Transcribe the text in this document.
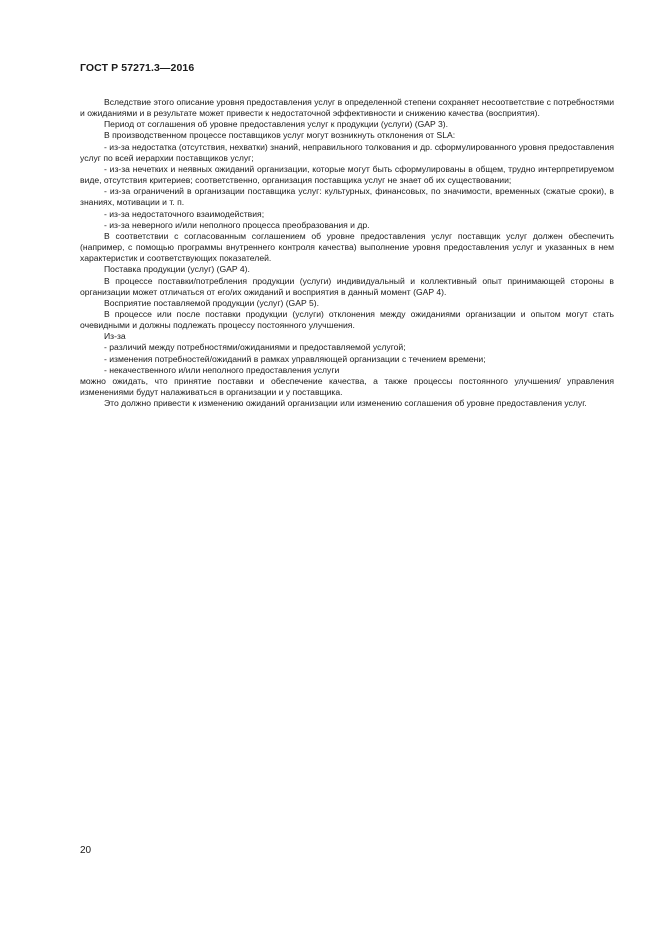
ГОСТ Р 57271.3—2016

Вследствие этого описание уровня предоставления услуг в определенной степени сохраняет несоответствие с потребностями и ожиданиями и в результате может привести к недостаточной эффективности и снижению качества (восприятия).

Период от соглашения об уровне предоставления услуг к продукции (услуги) (GAP 3).

В производственном процессе поставщиков услуг могут возникнуть отклонения от SLA:

- из-за недостатка (отсутствия, нехватки) знаний, неправильного толкования и др. сформулированного уровня предоставления услуг по всей иерархии поставщиков услуг;

- из-за нечетких и неявных ожиданий организации, которые могут быть сформулированы в общем, трудно интерпретируемом виде, отсутствия критериев; соответственно, организация поставщика услуг не знает об их существовании;

- из-за ограничений в организации поставщика услуг: культурных, финансовых, по значимости, временных (сжатые сроки), в знаниях, мотивации и т. п.

- из-за недостаточного взаимодействия;

- из-за неверного и/или неполного процесса преобразования и др.

В соответствии с согласованным соглашением об уровне предоставления услуг поставщик услуг должен обеспечить (например, с помощью программы внутреннего контроля качества) выполнение уровня предоставления услуг и указанных в нем характеристик и соответствующих показателей.

Поставка продукции (услуг) (GAP 4).

В процессе поставки/потребления продукции (услуги) индивидуальный и коллективный опыт принимающей стороны в организации может отличаться от его/их ожиданий и восприятия в данный момент (GAP 4).

Восприятие поставляемой продукции (услуг) (GAP 5).

В процессе или после поставки продукции (услуги) отклонения между ожиданиями организации и опытом могут стать очевидными и должны подлежать процессу постоянного улучшения.

Из-за

- различий между потребностями/ожиданиями и предоставляемой услугой;

- изменения потребностей/ожиданий в рамках управляющей организации с течением времени;

- некачественного и/или неполного предоставления услуги

можно ожидать, что принятие поставки и обеспечение качества, а также процессы постоянного улучшения/ управления изменениями будут налаживаться в организации и у поставщика.

Это должно привести к изменению ожиданий организации или изменению соглашения об уровне предоставления услуг.

20
